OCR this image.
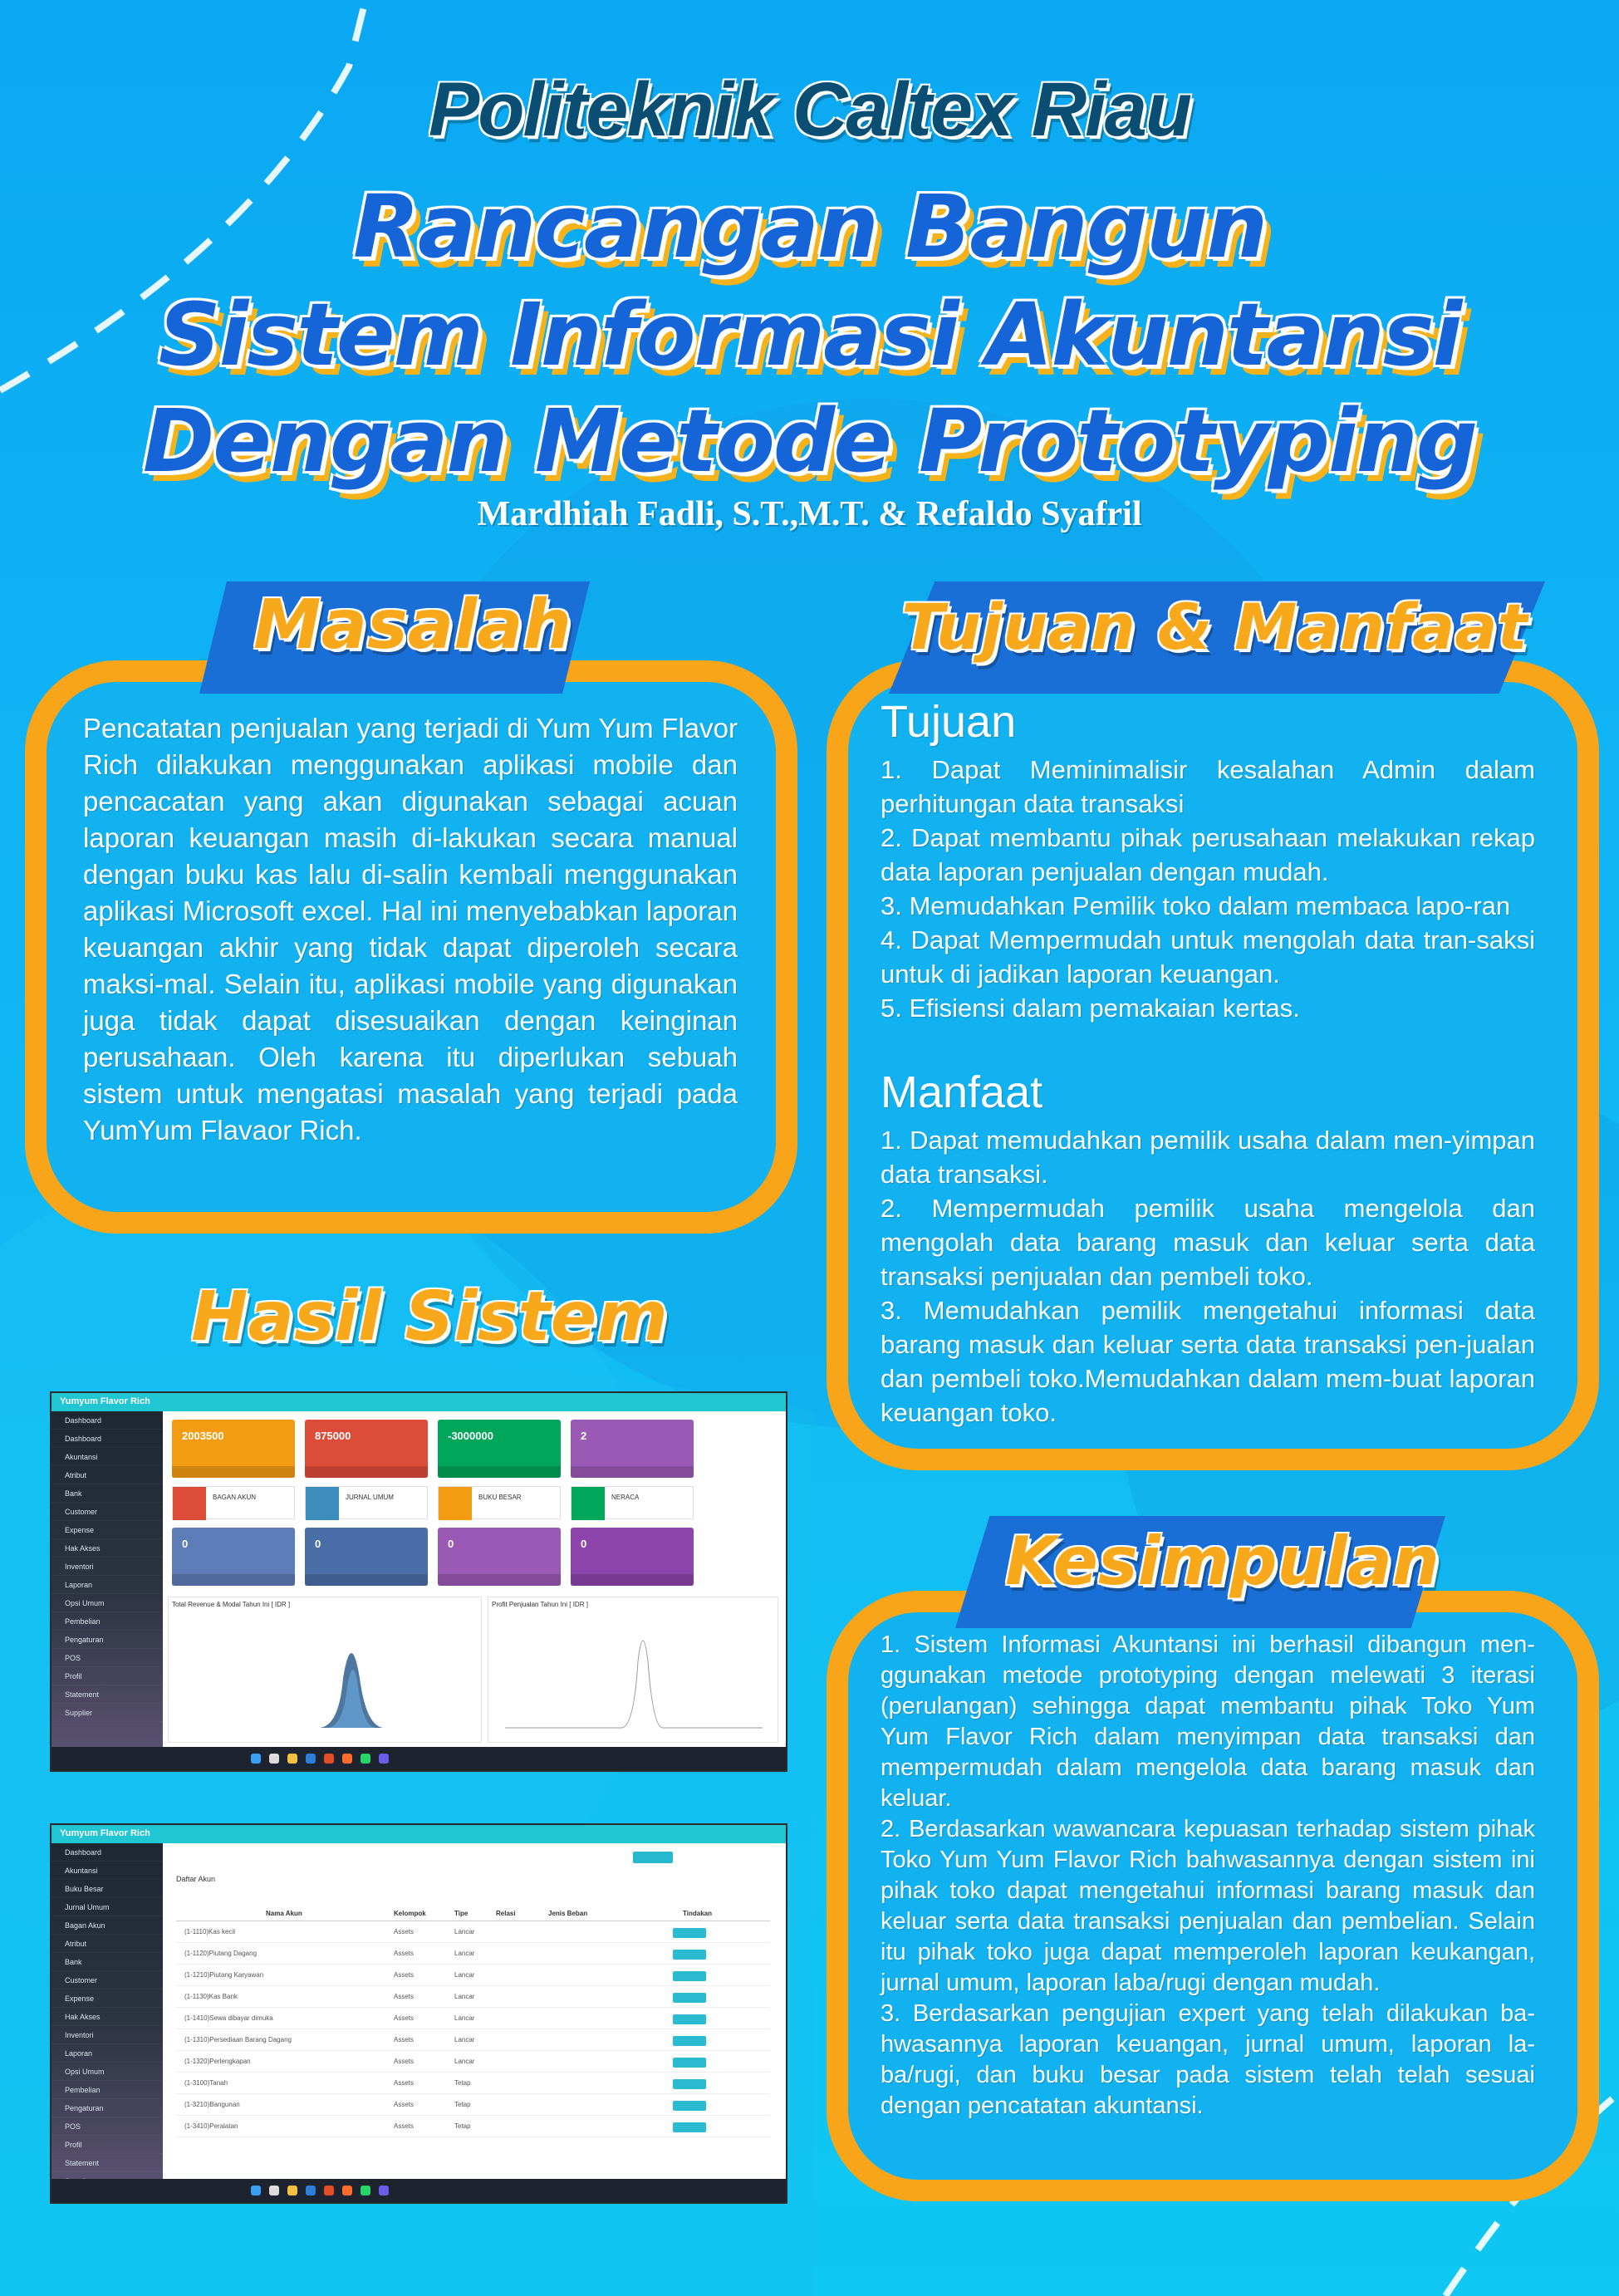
Politeknik Caltex Riau
Rancangan Bangun
Sistem Informasi Akuntansi
Dengan Metode Prototyping
Mardhiah Fadli, S.T.,M.T. & Refaldo Syafril
Masalah
Pencatatan penjualan yang terjadi di Yum Yum Flavor Rich dilakukan menggunakan aplikasi mobile dan pencacatan yang akan digunakan sebagai acuan laporan keuangan masih di-lakukan secara manual dengan buku kas lalu di-salin kembali menggunakan aplikasi Microsoft excel. Hal ini menyebabkan laporan keuangan akhir yang tidak dapat diperoleh secara maksi-mal. Selain itu, aplikasi mobile yang digunakan juga tidak dapat disesuaikan dengan keinginan perusahaan. Oleh karena itu diperlukan sebuah sistem untuk mengatasi masalah yang terjadi pada YumYum Flavaor Rich.
Tujuan & Manfaat
Tujuan

1. Dapat Meminimalisir kesalahan Admin dalam perhitungan data transaksi

2. Dapat membantu pihak perusahaan melakukan rekap data laporan penjualan dengan mudah.

3. Memudahkan Pemilik toko dalam membaca lapo-ran

4. Dapat Mempermudah untuk mengolah data tran-saksi untuk di jadikan laporan keuangan.

5. Efisiensi dalam pemakaian kertas.

Manfaat

1. Dapat memudahkan pemilik usaha dalam men-yimpan data transaksi.

2. Mempermudah pemilik usaha mengelola dan mengolah data barang masuk dan keluar serta data transaksi penjualan dan pembeli toko.

3. Memudahkan pemilik mengetahui informasi data barang masuk dan keluar serta data transaksi pen-jualan dan pembeli toko.Memudahkan dalam mem-buat laporan keuangan toko.

Hasil Sistem
Yumyum Flavor Rich
Dashboard
Dashboard
Akuntansi
Atribut
Bank
Customer
Expense
Hak Akses
Inventori
Laporan
Opsi Umum
Pembelian
Pengaturan
POS
Profil
Statement
Supplier
2003500	875000	-3000000	2
BAGAN AKUN	JURNAL UMUM	BUKU BESAR	NERACA
0	0	0	0
Total Revenue & Modal Tahun Ini [ IDR ]	Profit Penjualan Tahun Ini [ IDR ]
Yumyum Flavor Rich
Dashboard
Akuntansi
Buku Besar
Jurnal Umum
Bagan Akun
Atribut
Bank
Customer
Expense
Hak Akses
Inventori
Laporan
Opsi Umum
Pembelian
Pengaturan
POS
Profil
Statement
Daftar Akun
Nama Akun	Kelompok	Tipe	Relasi	Jenis Beban	Tindakan
(1-1110)Kas kecil	Assets	Lancar
(1-1120)Piutang Dagang	Assets	Lancar
(1-1210)Piutang Karyawan	Assets	Lancar
(1-1130)Kas Bank	Assets	Lancar
(1-1410)Sewa dibayar dimuka	Assets	Lancar
(1-1310)Persediaan Barang Dagang	Assets	Lancar
(1-1320)Perlengkapan	Assets	Lancar
(1-3100)Tanah	Assets	Tetap
(1-3210)Bangunan	Assets	Tetap
(1-3410)Peralatan	Assets	Tetap
Kesimpulan

1. Sistem Informasi Akuntansi ini berhasil dibangun men-ggunakan metode prototyping dengan melewati 3 iterasi (perulangan) sehingga dapat membantu pihak Toko Yum Yum Flavor Rich dalam menyimpan data transaksi dan mempermudah dalam mengelola data barang masuk dan keluar.

2. Berdasarkan wawancara kepuasan terhadap sistem pihak Toko Yum Yum Flavor Rich bahwasannya dengan sistem ini pihak toko dapat mengetahui informasi barang masuk dan keluar serta data transaksi penjualan dan pembelian. Selain itu pihak toko juga dapat memperoleh laporan keukangan, jurnal umum, laporan laba/rugi dengan mudah.

3. Berdasarkan pengujian expert yang telah dilakukan ba-hwasannya laporan keuangan, jurnal umum, laporan la-ba/rugi, dan buku besar pada sistem telah telah sesuai dengan pencatatan akuntansi.
